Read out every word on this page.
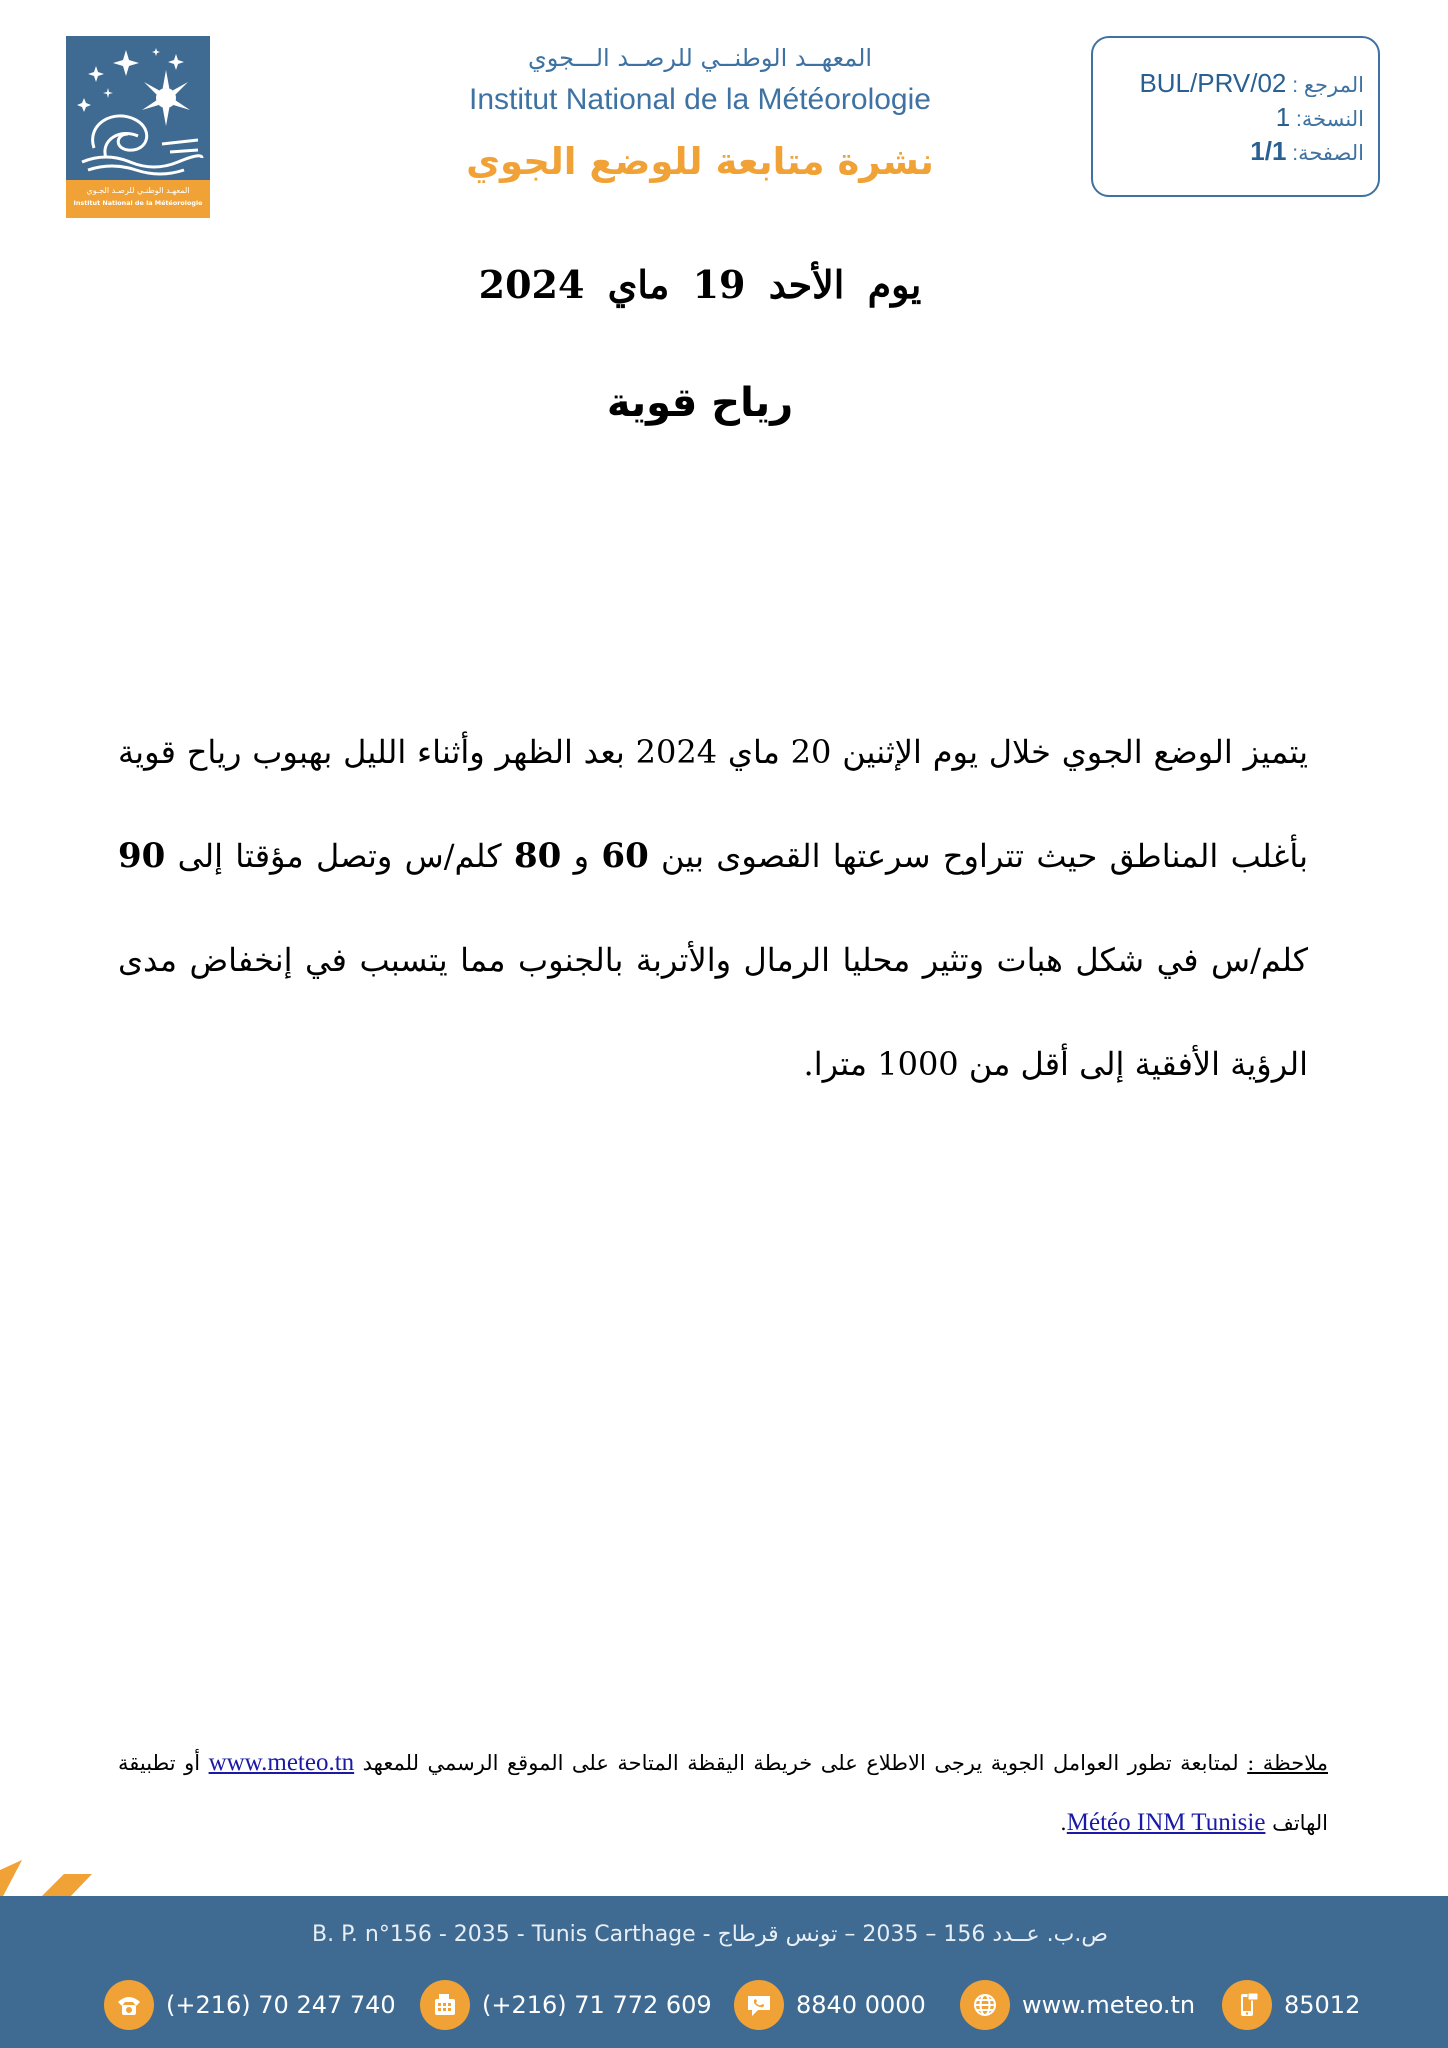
المعهـد الوطنـي للرصـد الجـوي
Institut National de la Météorologie
المعهــد الوطنــي للرصــد الـــجوي
Institut National de la Météorologie
نشرة متابعة للوضع الجوي
المرجع : BUL/PRV/02
النسخة: 1
الصفحة: 1/1
يوم الأحد 19 ماي 2024
رياح قوية
يتميز الوضع الجوي خلال يوم الإثنين 20 ماي 2024 بعد الظهر وأثناء الليل بهبوب رياح قوية بأغلب المناطق حيث تتراوح سرعتها القصوى بين 60 و 80 كلم/س وتصل مؤقتا إلى 90 كلم/س في شكل هبات وتثير محليا الرمال والأتربة بالجنوب مما يتسبب في إنخفاض مدى الرؤية الأفقية إلى أقل من 1000 مترا.
ملاحظة : لمتابعة تطور العوامل الجوية يرجى الاطلاع على خريطة اليقظة المتاحة على الموقع الرسمي للمعهد www.meteo.tn أو تطبيقة الهاتف Météo INM Tunisie.
B. P. n°156 - 2035 - Tunis Carthage - ص.ب. عــدد 156 – 2035 – تونس قرطاج
(+216) 70 247 740	(+216) 71 772 609	8840 0000	www.meteo.tn	85012
